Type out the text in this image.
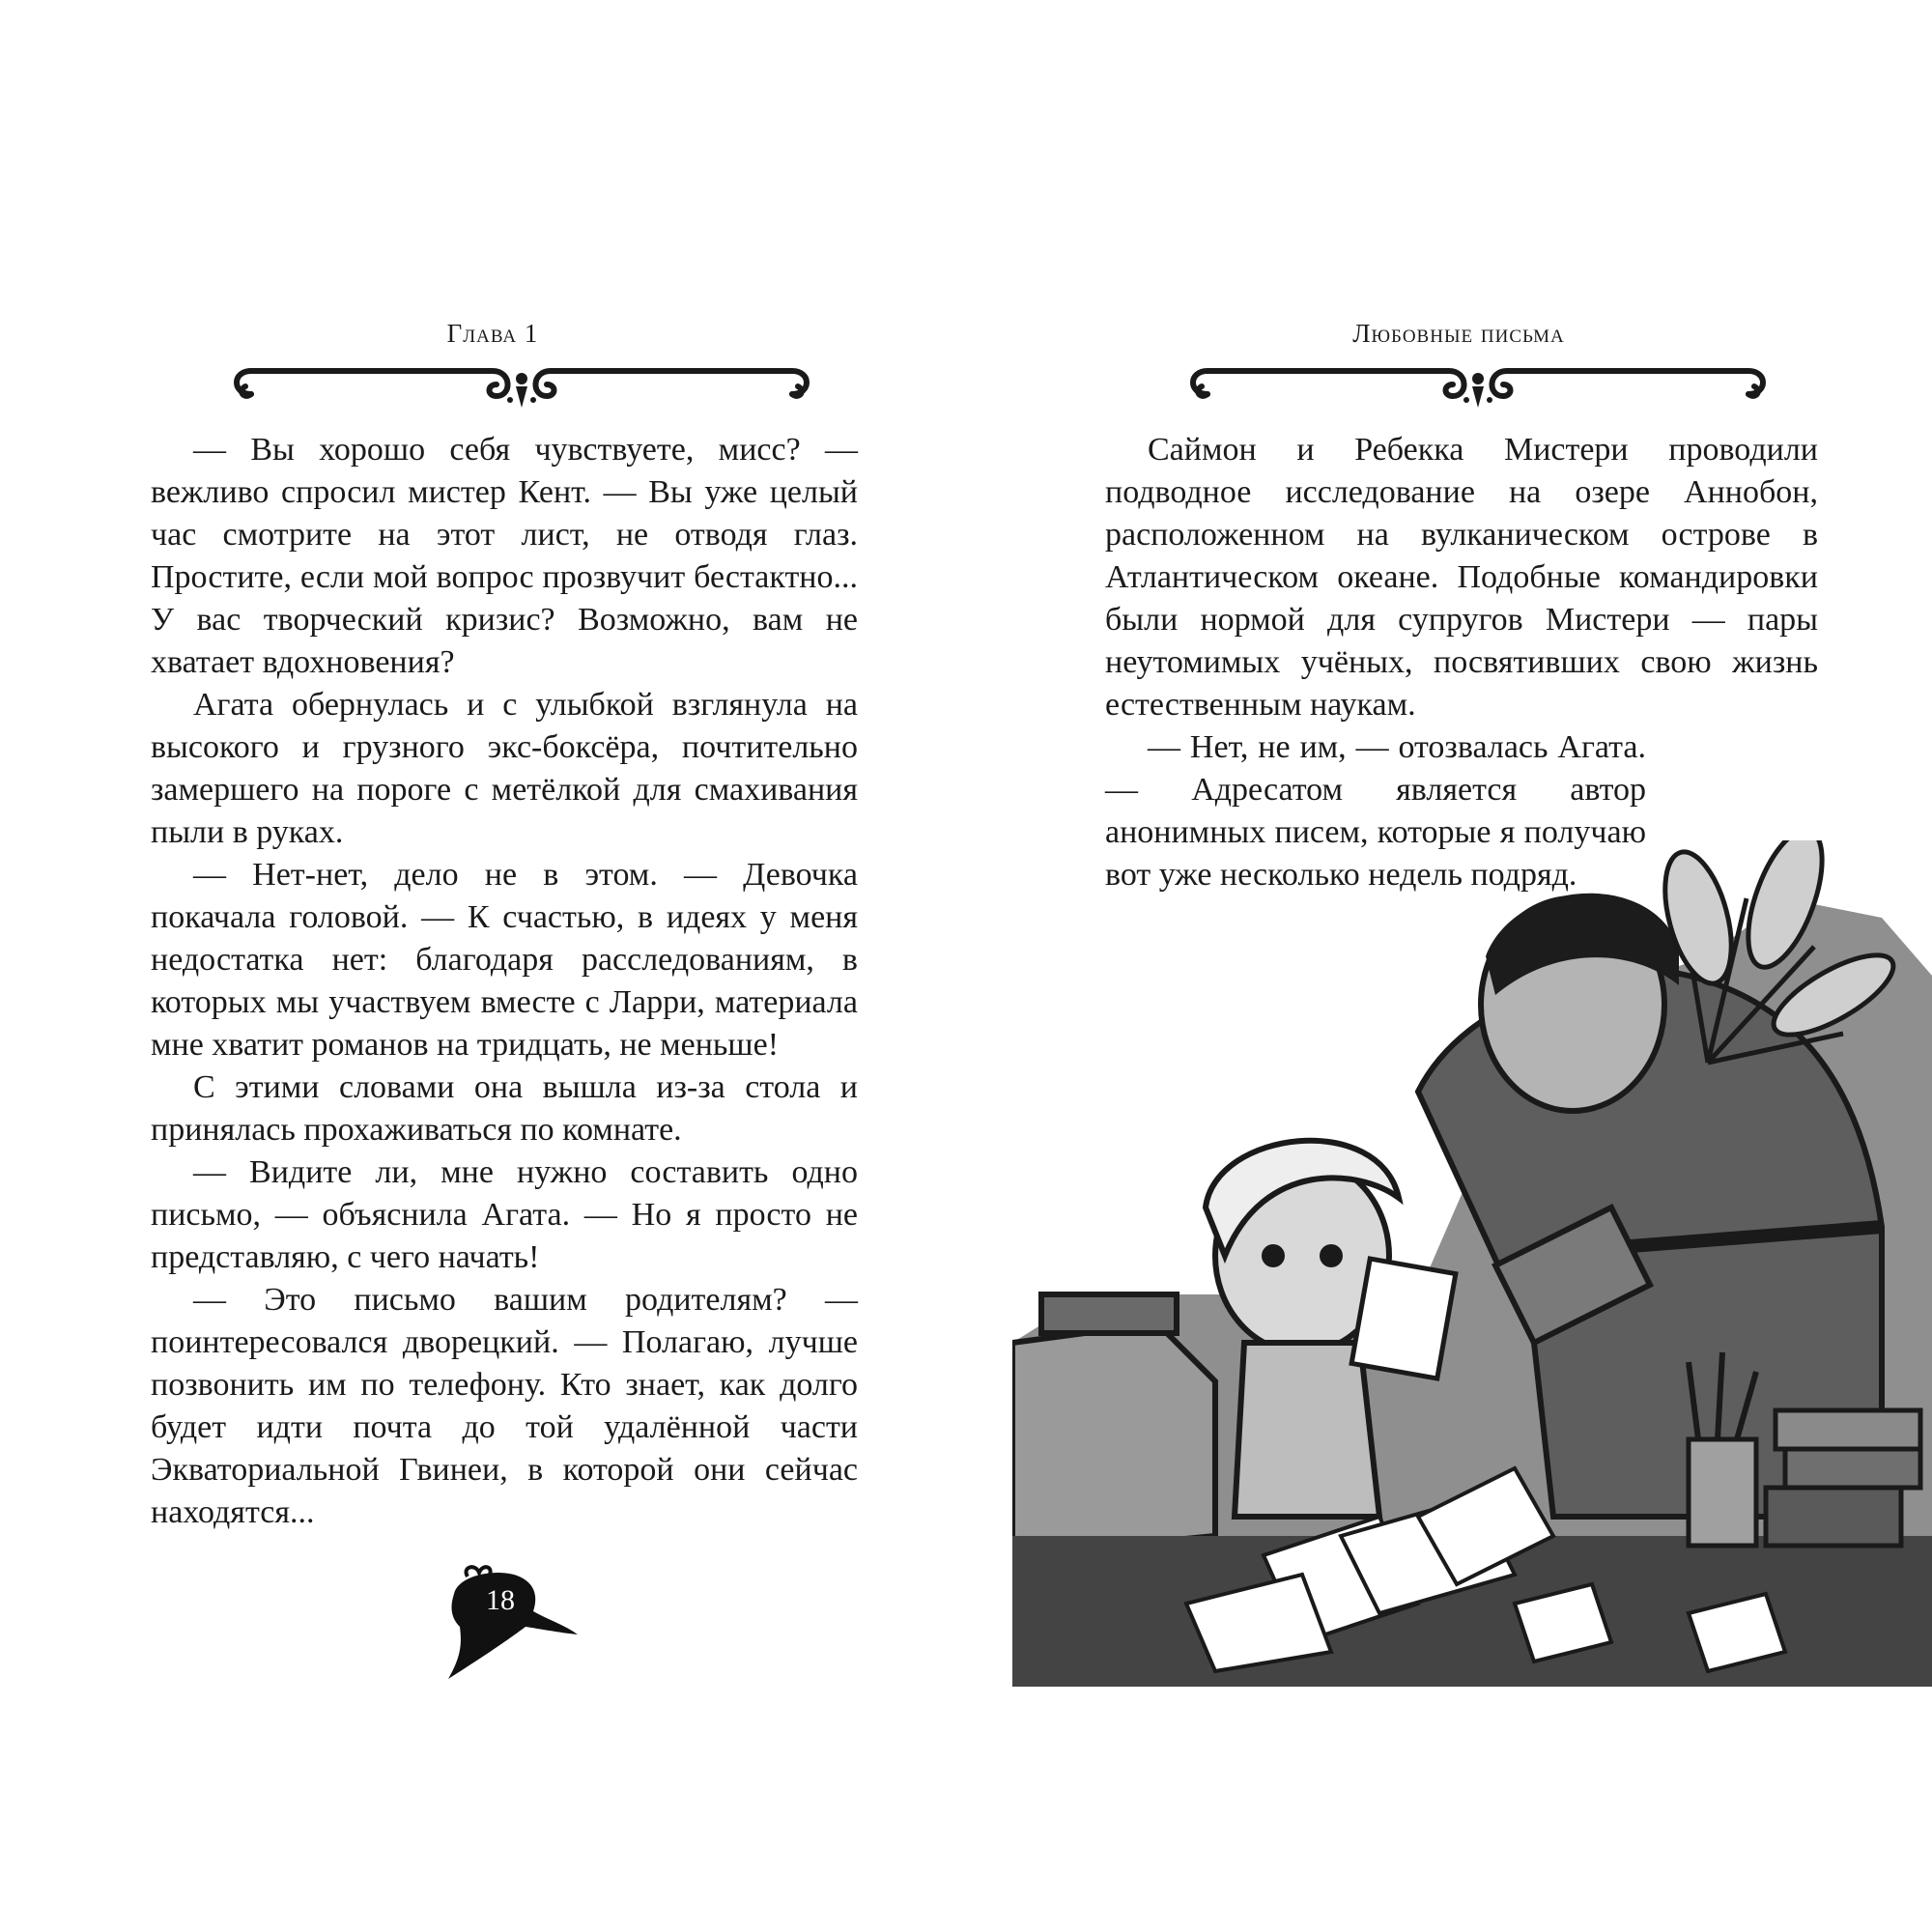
Глава 1

— Вы хорошо себя чувствуете, мисс? — вежливо спросил мистер Кент. — Вы уже целый час смотрите на этот лист, не отводя глаз. Простите, если мой вопрос прозвучит бестактно... У вас творческий кризис? Возможно, вам не хватает вдохновения?

Агата обернулась и с улыбкой взглянула на высокого и грузного экс-боксёра, почтительно замершего на пороге с метёлкой для смахивания пыли в руках.

— Нет-нет, дело не в этом. — Девочка покачала головой. — К счастью, в идеях у меня недостатка нет: благодаря расследованиям, в которых мы участвуем вместе с Ларри, материала мне хватит романов на тридцать, не меньше!

С этими словами она вышла из-за стола и принялась прохаживаться по комнате.

— Видите ли, мне нужно составить одно письмо, — объяснила Агата. — Но я просто не представляю, с чего начать!

— Это письмо вашим родителям? — поинтересовался дворецкий. — Полагаю, лучше позвонить им по телефону. Кто знает, как долго будет идти почта до той удалённой части Экваториальной Гвинеи, в которой они сейчас находятся...

18
Любовные письма

Саймон и Ребекка Мистери проводили подводное исследование на озере Аннобон, расположенном на вулканическом острове в Атлантическом океане. Подобные командировки были нормой для супругов Мистери — пары неутомимых учёных, посвятивших свою жизнь естественным наукам.

— Нет, не им, — отозвалась Агата. — Адресатом является автор анонимных писем, которые я получаю вот уже несколько недель подряд.
